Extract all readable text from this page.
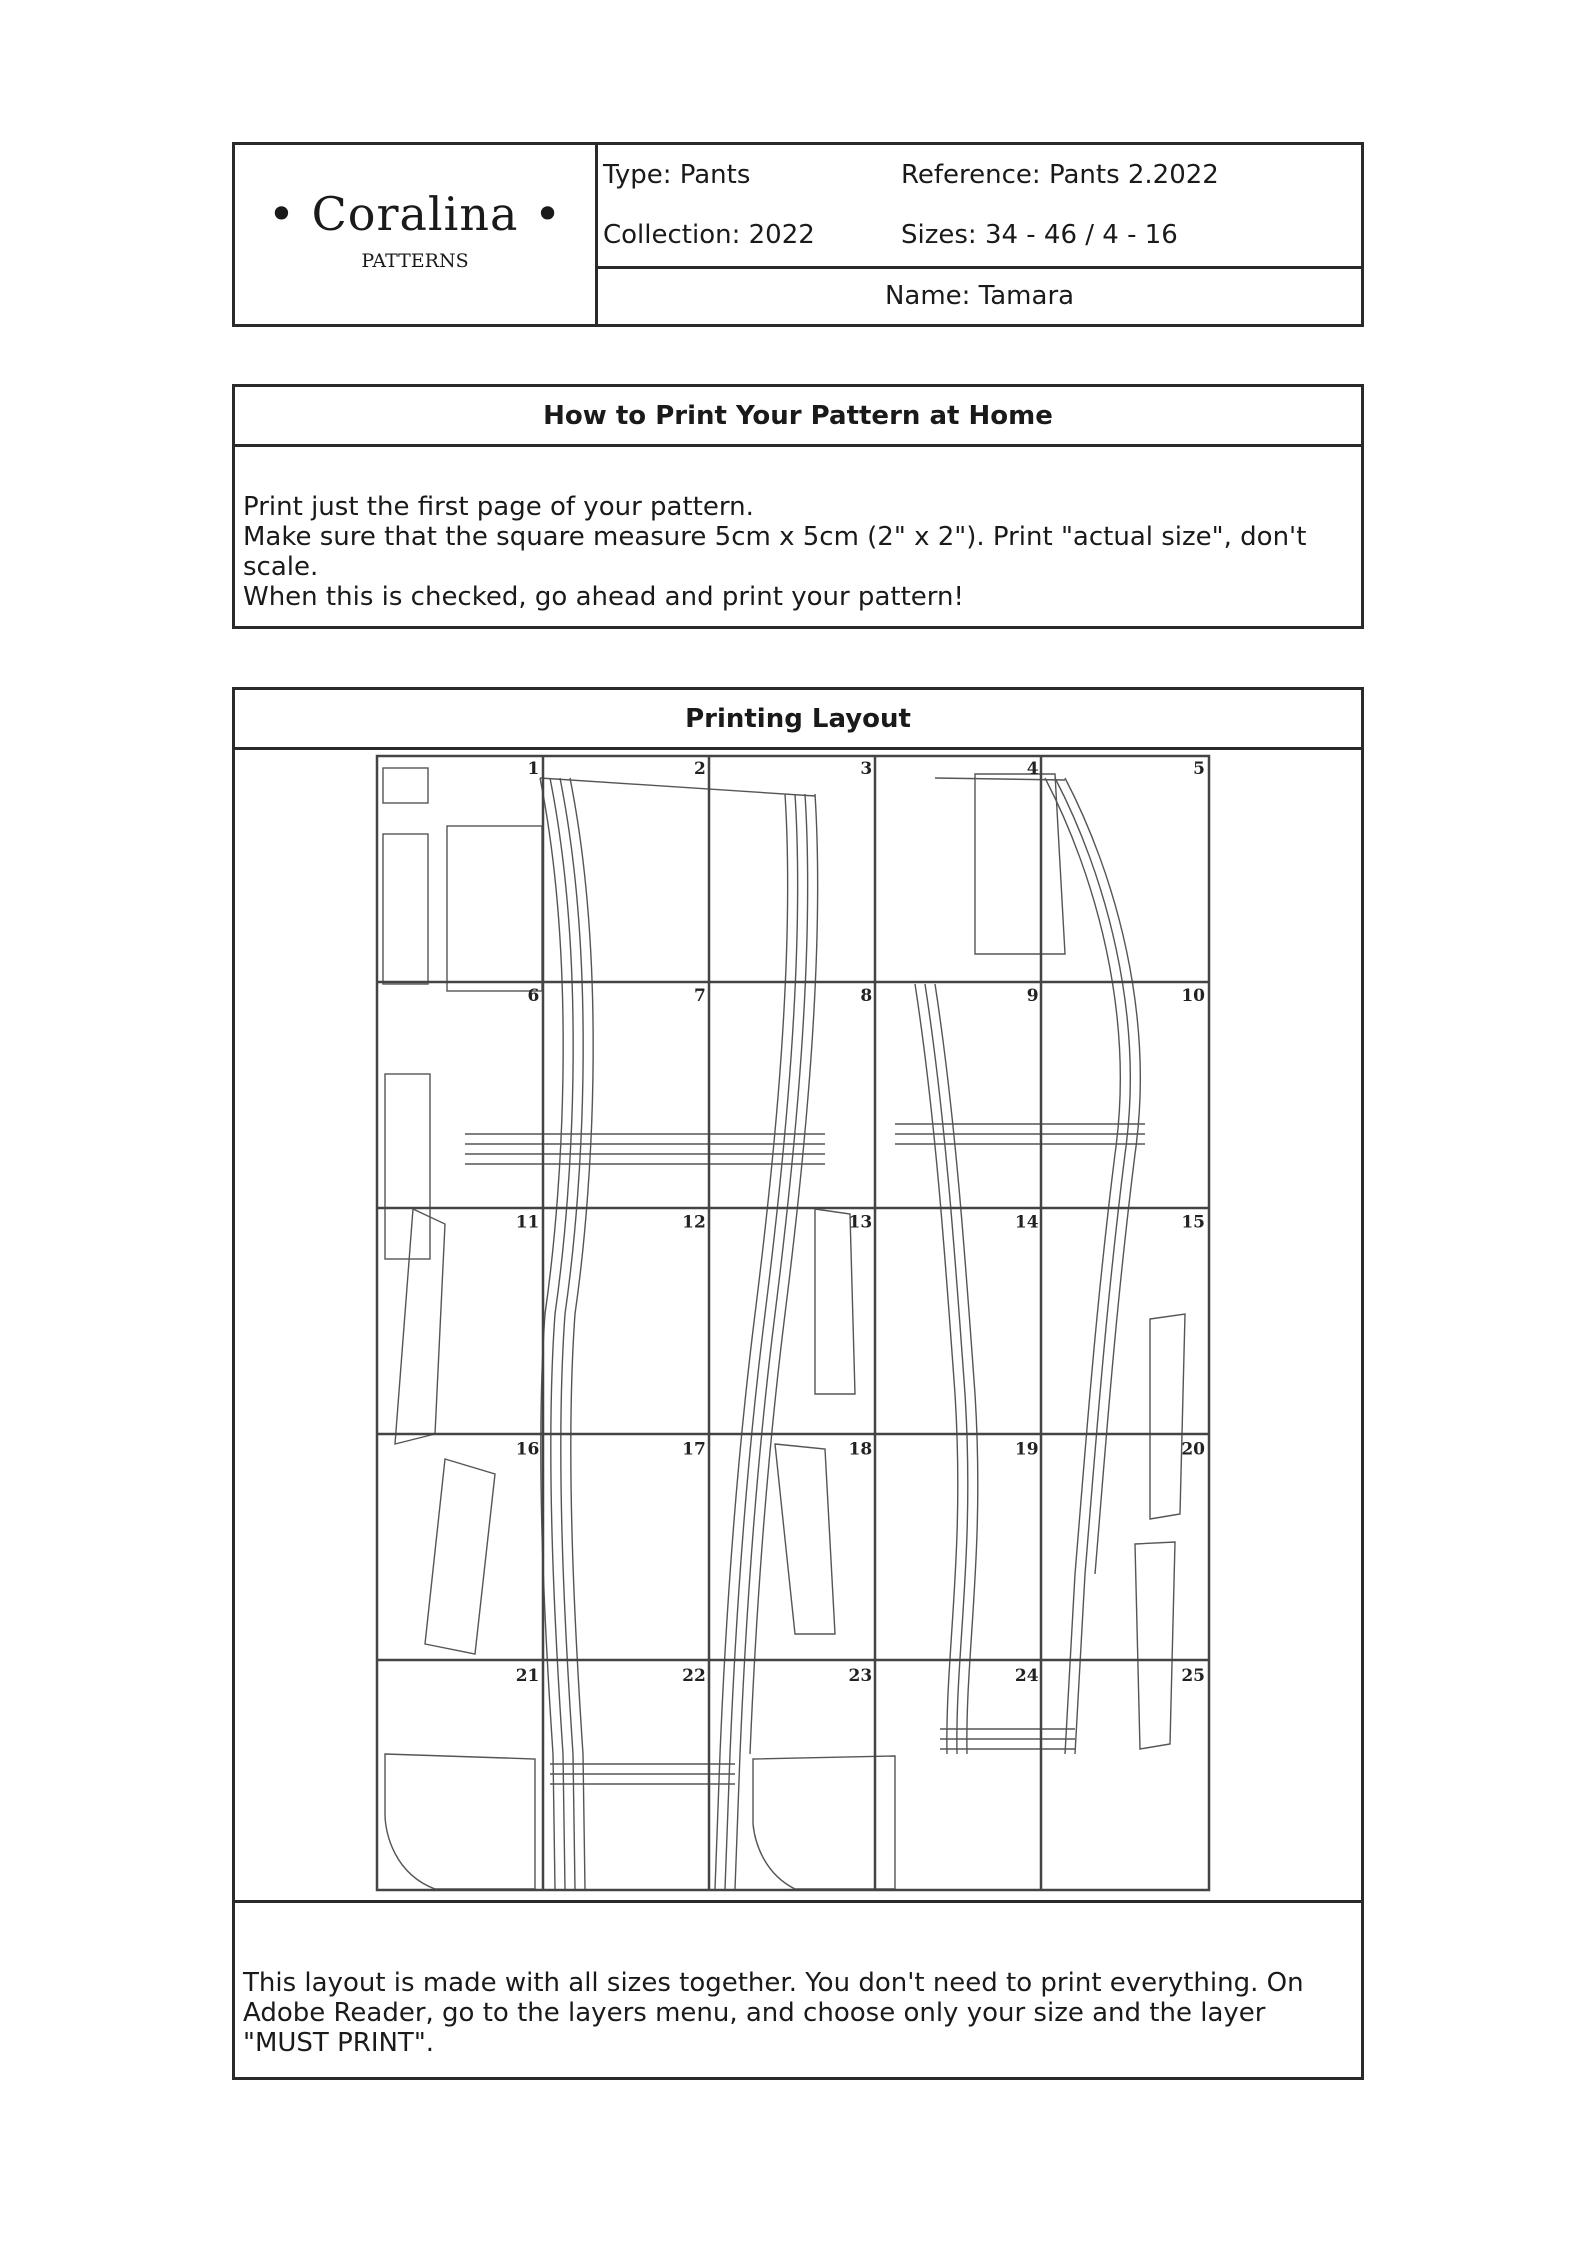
• Coralina •
PATTERNS
Type: Pants	Reference: Pants 2.2022
Collection: 2022	Sizes: 34 - 46 / 4 - 16
Name: Tamara
How to Print Your Pattern at Home
Print just the first page of your pattern.
Make sure that the square measure 5cm x 5cm (2" x 2"). Print "actual size", don't scale.
When this is checked, go ahead and print your pattern!
Printing Layout
1	2	3	4	5
6	7	8	9	10
11	12	13	14	15
16	17	18	19	20
21	22	23	24	25
This layout is made with all sizes together. You don't need to print everything. On Adobe Reader, go to the layers menu, and choose only your size and the layer "MUST PRINT".
